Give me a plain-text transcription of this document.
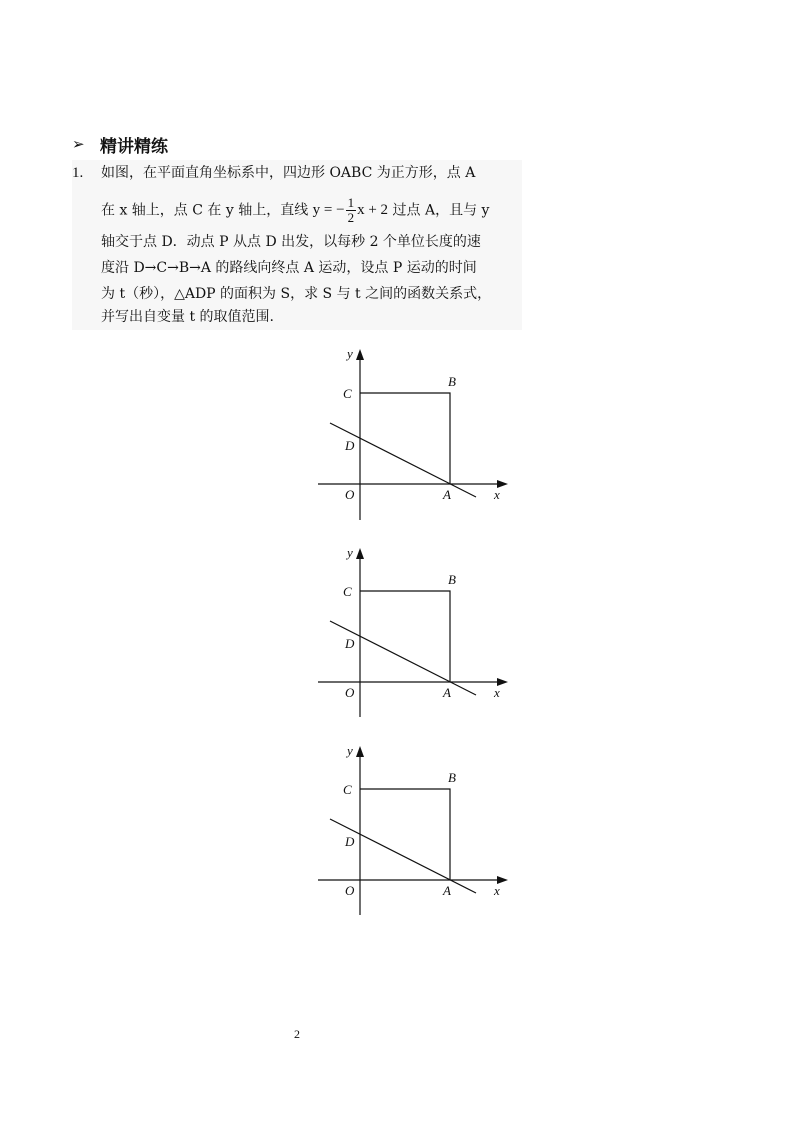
➢ 精讲精练
1. 如图，在平面直角坐标系中，四边形 OABC 为正方形，点 A
在 x 轴上，点 C 在 y 轴上，直线 y = − $\frac{1}{2}$ x + 2 过点 A，且与 y
轴交于点 D．动点 P 从点 D 出发，以每秒 2 个单位长度的速
度沿 D→C→B→A 的路线向终点 A 运动，设点 P 运动的时间
为 t（秒），△ADP 的面积为 S，求 S 与 t 之间的函数关系式，
并写出自变量 t 的取值范围.
y
x
O	A
B
C
D
y
x
O	A
B
C
D
y
x
O	A
B
C
D
2
